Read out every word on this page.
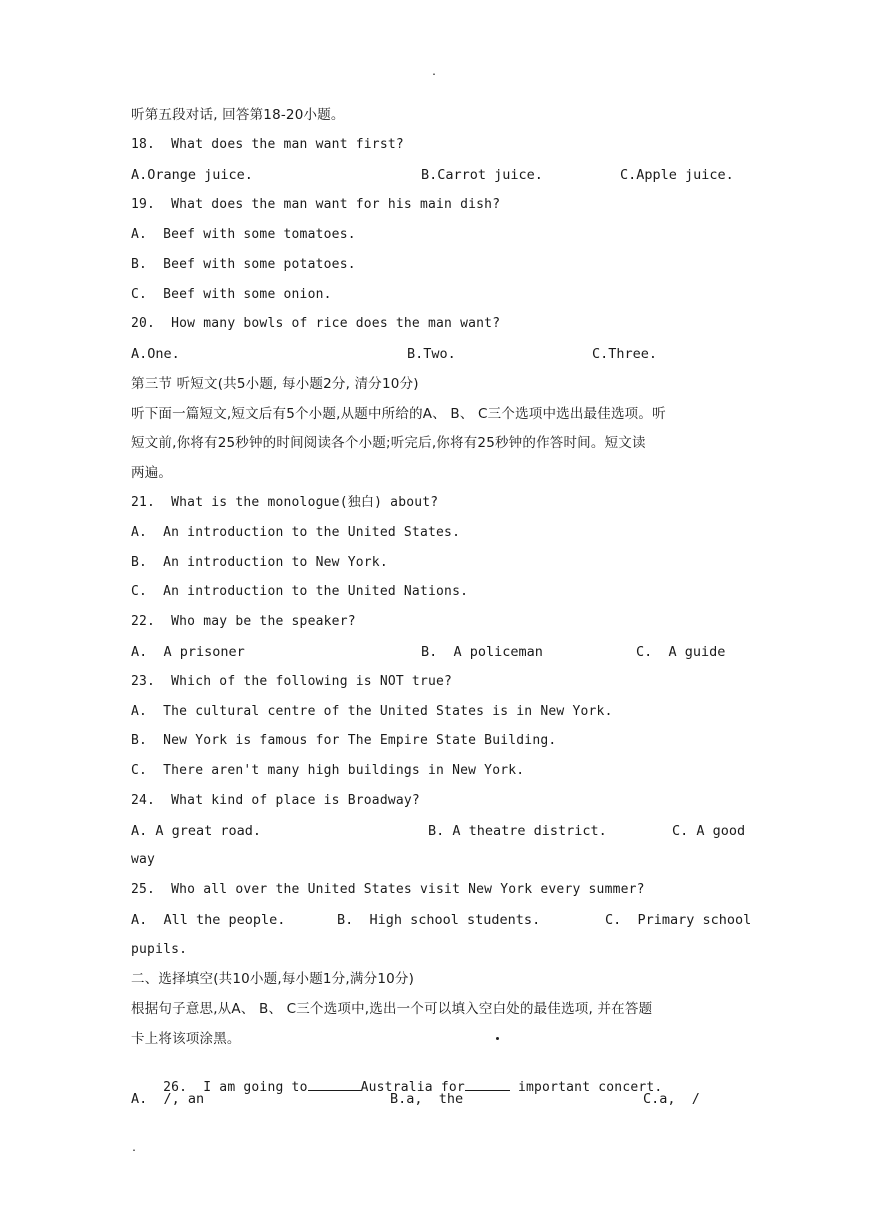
.
听第五段对话, 回答第18-20小题。
18.  What does the man want first?
A.Orange juice.	B.Carrot juice.	C.Apple juice.
19.  What does the man want for his main dish?
A.  Beef with some tomatoes.
B.  Beef with some potatoes.
C.  Beef with some onion.
20.  How many bowls of rice does the man want?
A.One.	B.Two.	C.Three.
第三节 听短文(共5小题, 每小题2分, 清分10分)
听下面一篇短文,短文后有5个小题,从题中所给的A、 B、 C三个选项中选出最佳选项。听
短文前,你将有25秒钟的时间阅读各个小题;听完后,你将有25秒钟的作答时间。短文读
两遍。
21.  What is the monologue(独白) about?
A.  An introduction to the United States.
B.  An introduction to New York.
C.  An introduction to the United Nations.
22.  Who may be the speaker?
A.  A prisoner	B.  A policeman	C.  A guide
23.  Which of the following is NOT true?
A.  The cultural centre of the United States is in New York.
B.  New York is famous for The Empire State Building.
C.  There aren't many high buildings in New York.
24.  What kind of place is Broadway?
A. A great road.	B. A theatre district.	C. A good
way
25.  Who all over the United States visit New York every summer?
A.  All the people.	B.  High school students.	C.  Primary school
pupils.
二、选择填空(共10小题,每小题1分,满分10分)
根据句子意思,从A、 B、 C三个选项中,选出一个可以填入空白处的最佳选项, 并在答题
卡上将该项涂黑。

26.  I am going to	Australia for	important concert.

A.  /, an	B.a,  the	C.a,  /
.
